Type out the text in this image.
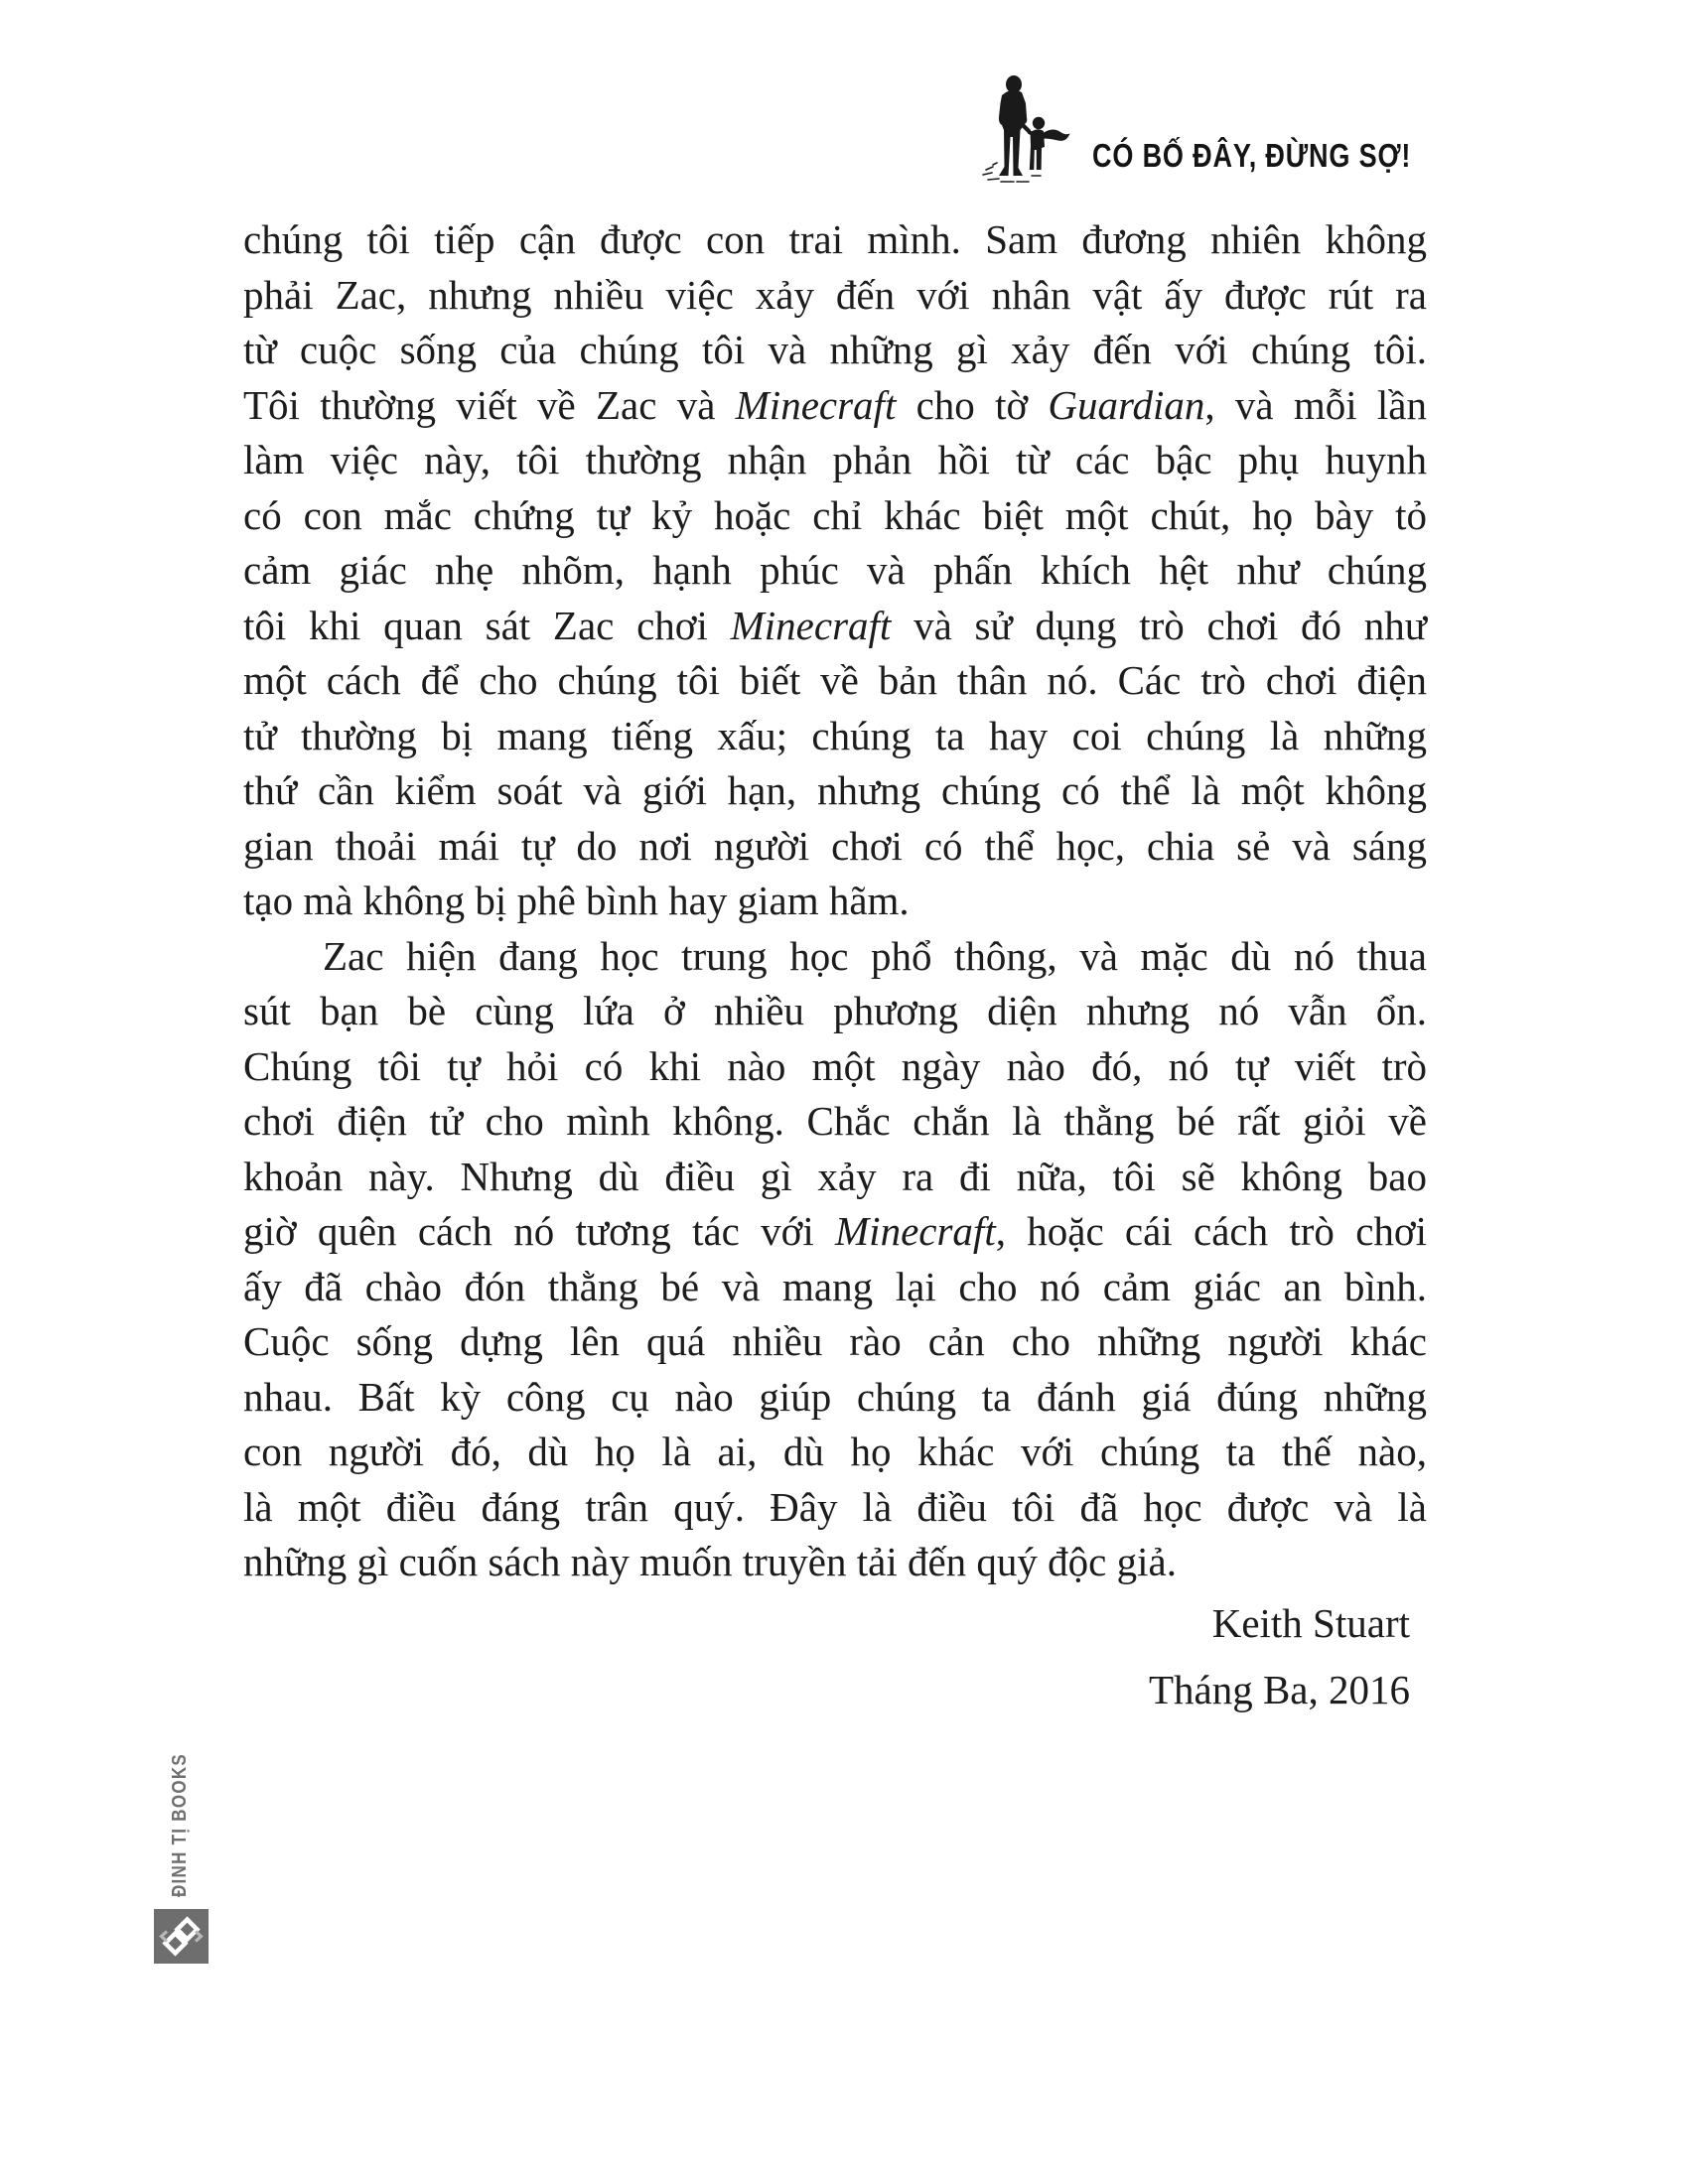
CÓ BỐ ĐÂY, ĐỪNG SỢ!
chúng tôi tiếp cận được con trai mình. Sam đương nhiên không
phải Zac, nhưng nhiều việc xảy đến với nhân vật ấy được rút ra
từ cuộc sống của chúng tôi và những gì xảy đến với chúng tôi.
Tôi thường viết về Zac và Minecraft cho tờ Guardian, và mỗi lần
làm việc này, tôi thường nhận phản hồi từ các bậc phụ huynh
có con mắc chứng tự kỷ hoặc chỉ khác biệt một chút, họ bày tỏ
cảm giác nhẹ nhõm, hạnh phúc và phấn khích hệt như chúng
tôi khi quan sát Zac chơi Minecraft và sử dụng trò chơi đó như
một cách để cho chúng tôi biết về bản thân nó. Các trò chơi điện
tử thường bị mang tiếng xấu; chúng ta hay coi chúng là những
thứ cần kiểm soát và giới hạn, nhưng chúng có thể là một không
gian thoải mái tự do nơi người chơi có thể học, chia sẻ và sáng
tạo mà không bị phê bình hay giam hãm.
Zac hiện đang học trung học phổ thông, và mặc dù nó thua
sút bạn bè cùng lứa ở nhiều phương diện nhưng nó vẫn ổn.
Chúng tôi tự hỏi có khi nào một ngày nào đó, nó tự viết trò
chơi điện tử cho mình không. Chắc chắn là thằng bé rất giỏi về
khoản này. Nhưng dù điều gì xảy ra đi nữa, tôi sẽ không bao
giờ quên cách nó tương tác với Minecraft, hoặc cái cách trò chơi
ấy đã chào đón thằng bé và mang lại cho nó cảm giác an bình.
Cuộc sống dựng lên quá nhiều rào cản cho những người khác
nhau. Bất kỳ công cụ nào giúp chúng ta đánh giá đúng những
con người đó, dù họ là ai, dù họ khác với chúng ta thế nào,
là một điều đáng trân quý. Đây là điều tôi đã học được và là
những gì cuốn sách này muốn truyền tải đến quý độc giả.
Keith Stuart
Tháng Ba, 2016
ĐINH TỊ BOOKS
